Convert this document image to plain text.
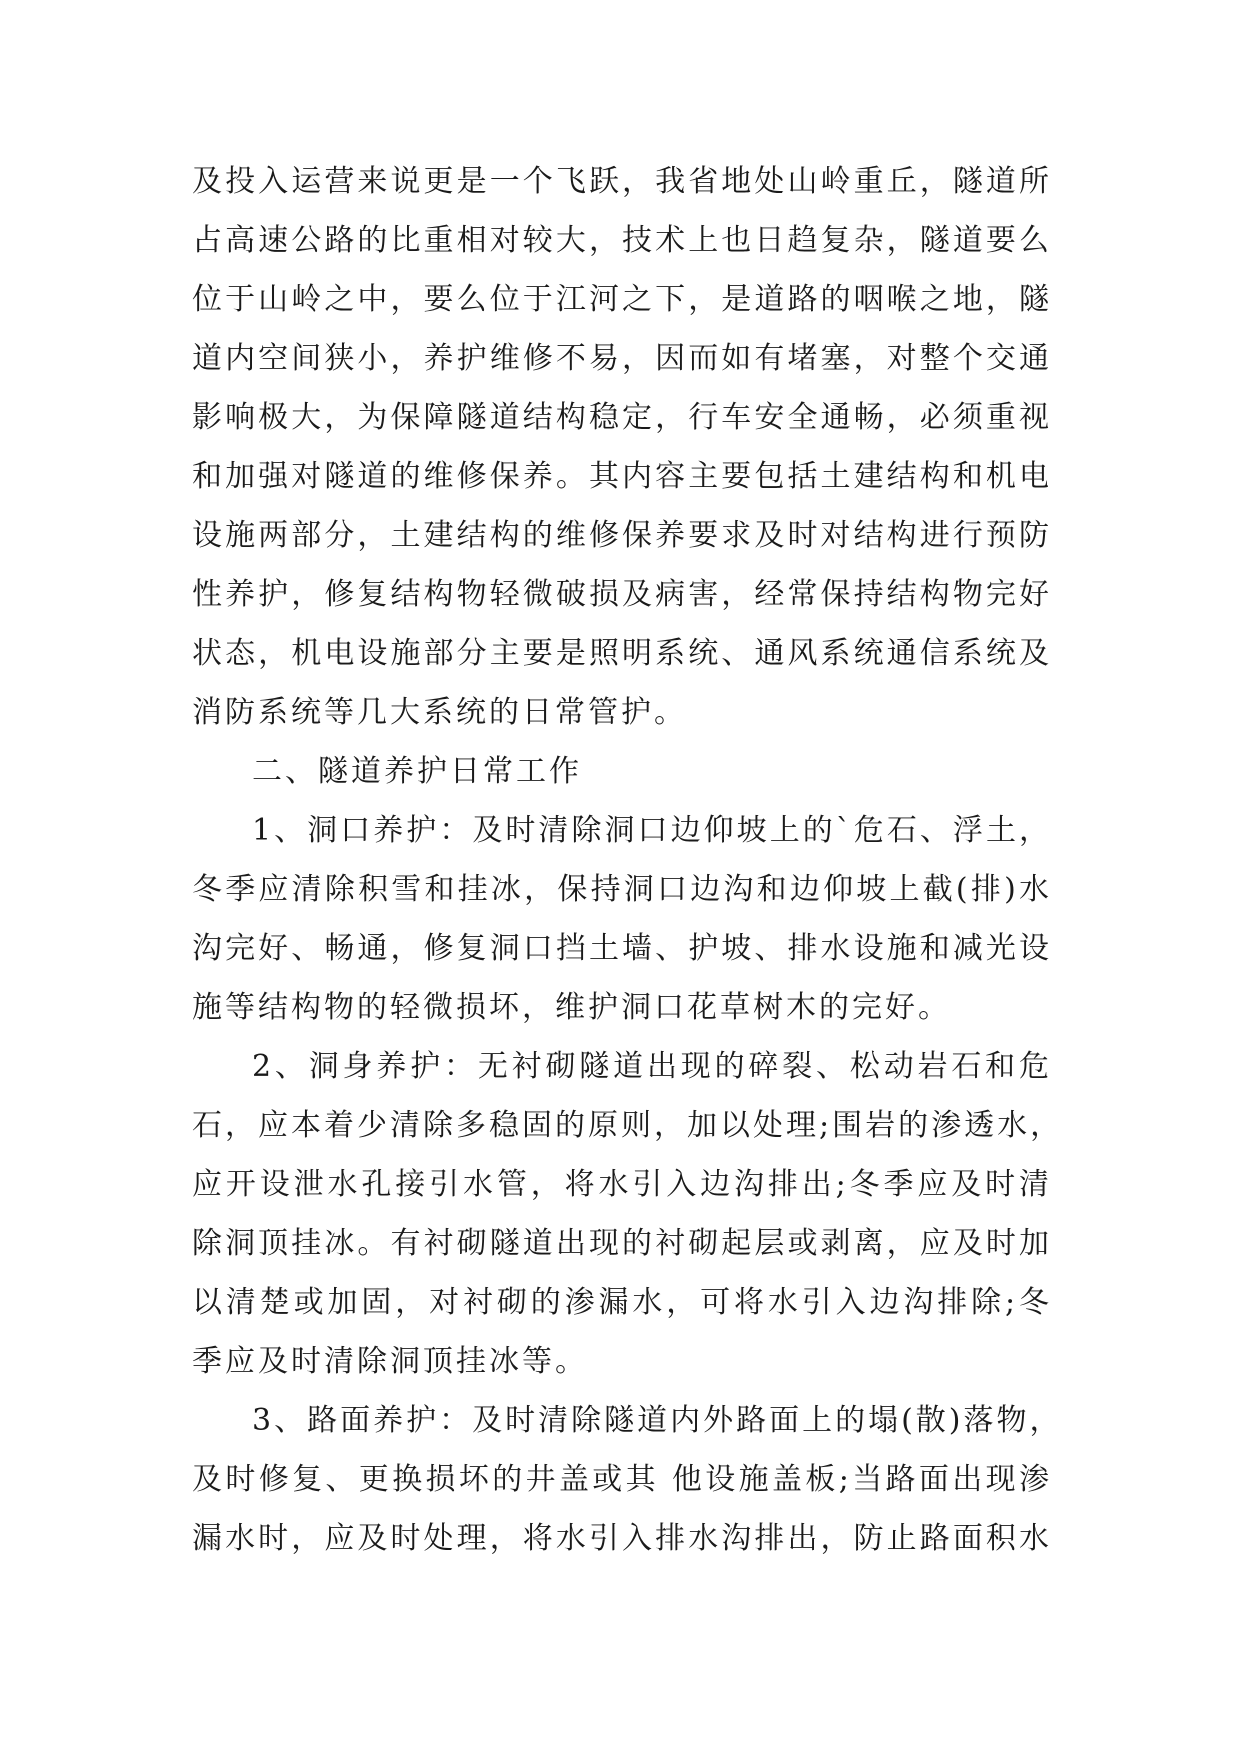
及投入运营来说更是一个飞跃，我省地处山岭重丘，隧道所
占高速公路的比重相对较大，技术上也日趋复杂，隧道要么
位于山岭之中，要么位于江河之下，是道路的咽喉之地，隧
道内空间狭小，养护维修不易，因而如有堵塞，对整个交通
影响极大，为保障隧道结构稳定，行车安全通畅，必须重视
和加强对隧道的维修保养。其内容主要包括土建结构和机电
设施两部分，土建结构的维修保养要求及时对结构进行预防
性养护，修复结构物轻微破损及病害，经常保持结构物完好
状态，机电设施部分主要是照明系统、通风系统通信系统及
消防系统等几大系统的日常管护。
二、隧道养护日常工作
1、洞口养护：及时清除洞口边仰坡上的`危石、浮土，
冬季应清除积雪和挂冰，保持洞口边沟和边仰坡上截(排)水
沟完好、畅通，修复洞口挡土墙、护坡、排水设施和减光设
施等结构物的轻微损坏，维护洞口花草树木的完好。
2、洞身养护：无衬砌隧道出现的碎裂、松动岩石和危
石，应本着少清除多稳固的原则，加以处理;围岩的渗透水，
应开设泄水孔接引水管，将水引入边沟排出;冬季应及时清
除洞顶挂冰。有衬砌隧道出现的衬砌起层或剥离，应及时加
以清楚或加固，对衬砌的渗漏水，可将水引入边沟排除;冬
季应及时清除洞顶挂冰等。
3、路面养护：及时清除隧道内外路面上的塌(散)落物，
及时修复、更换损坏的井盖或其 他设施盖板;当路面出现渗
漏水时，应及时处理，将水引入排水沟排出，防止路面积水
